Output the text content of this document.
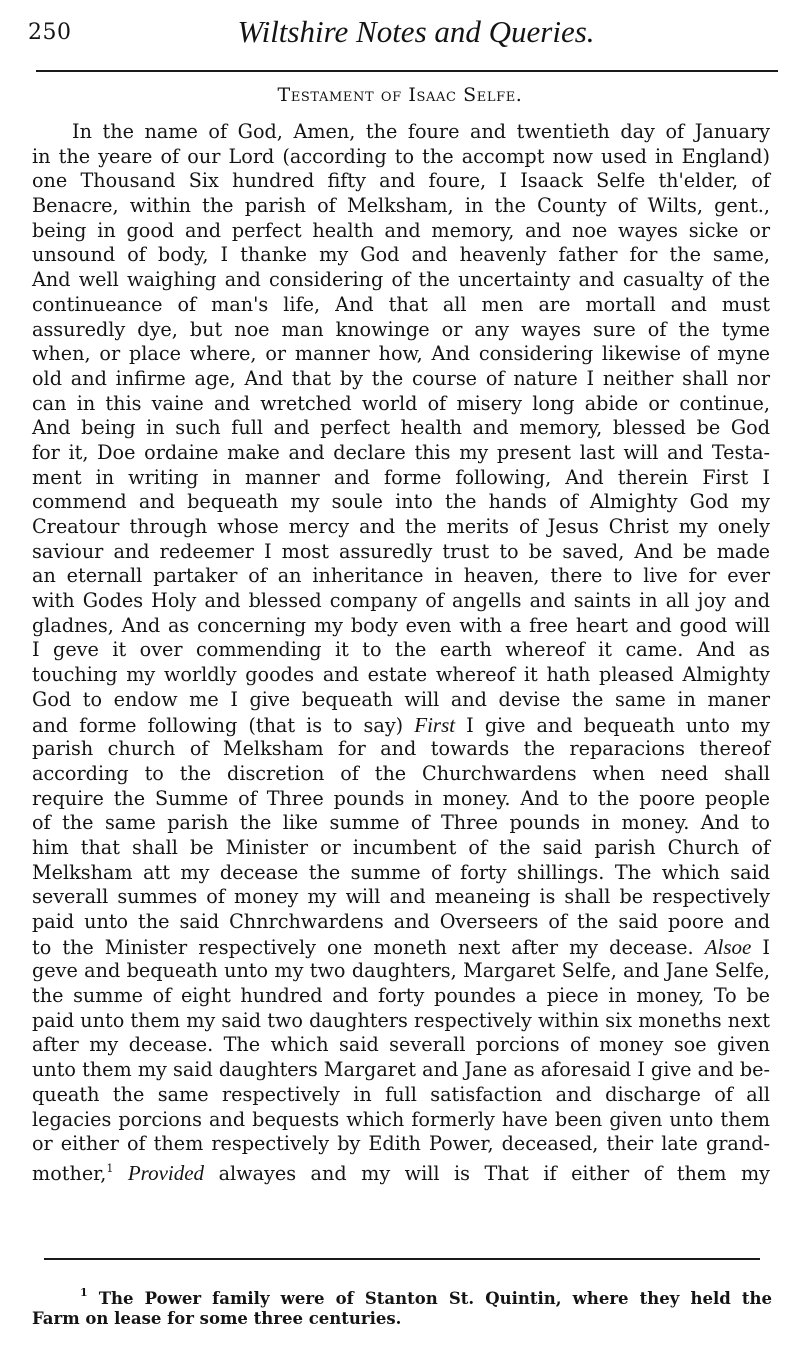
250	Wiltshire Notes and Queries.
Testament of Isaac Selfe.
In the name of God, Amen, the foure and twentieth day of January
in the yeare of our Lord (according to the accompt now used in England)
one Thousand Six hundred fifty and foure, I Isaack Selfe th'elder, of
Benacre, within the parish of Melksham, in the County of Wilts, gent.,
being in good and perfect health and memory, and noe wayes sicke or
unsound of body, I thanke my God and heavenly father for the same,
And well waighing and considering of the uncertainty and casualty of the
continueance of man's life, And that all men are mortall and must
assuredly dye, but noe man knowinge or any wayes sure of the tyme
when, or place where, or manner how, And considering likewise of myne
old and infirme age, And that by the course of nature I neither shall nor
can in this vaine and wretched world of misery long abide or continue,
And being in such full and perfect health and memory, blessed be God
for it, Doe ordaine make and declare this my present last will and Testa-
ment in writing in manner and forme following, And therein First I
commend and bequeath my soule into the hands of Almighty God my
Creatour through whose mercy and the merits of Jesus Christ my onely
saviour and redeemer I most assuredly trust to be saved, And be made
an eternall partaker of an inheritance in heaven, there to live for ever
with Godes Holy and blessed company of angells and saints in all joy and
gladnes, And as concerning my body even with a free heart and good will
I geve it over commending it to the earth whereof it came. And as
touching my worldly goodes and estate whereof it hath pleased Almighty
God to endow me I give bequeath will and devise the same in maner
and forme following (that is to say) First I give and bequeath unto my
parish church of Melksham for and towards the reparacions thereof
according to the discretion of the Churchwardens when need shall
require the Summe of Three pounds in money. And to the poore people
of the same parish the like summe of Three pounds in money. And to
him that shall be Minister or incumbent of the said parish Church of
Melksham att my decease the summe of forty shillings. The which said
severall summes of money my will and meaneing is shall be respectively
paid unto the said Chnrchwardens and Overseers of the said poore and
to the Minister respectively one moneth next after my decease. Alsoe I
geve and bequeath unto my two daughters, Margaret Selfe, and Jane Selfe,
the summe of eight hundred and forty poundes a piece in money, To be
paid unto them my said two daughters respectively within six moneths next
after my decease. The which said severall porcions of money soe given
unto them my said daughters Margaret and Jane as aforesaid I give and be-
queath the same respectively in full satisfaction and discharge of all
legacies porcions and bequests which formerly have been given unto them
or either of them respectively by Edith Power, deceased, their late grand-
mother,$^1$ Provided alwayes and my will is That if either of them my
$^1$ The Power family were of Stanton St. Quintin, where they held the
Farm on lease for some three centuries.
